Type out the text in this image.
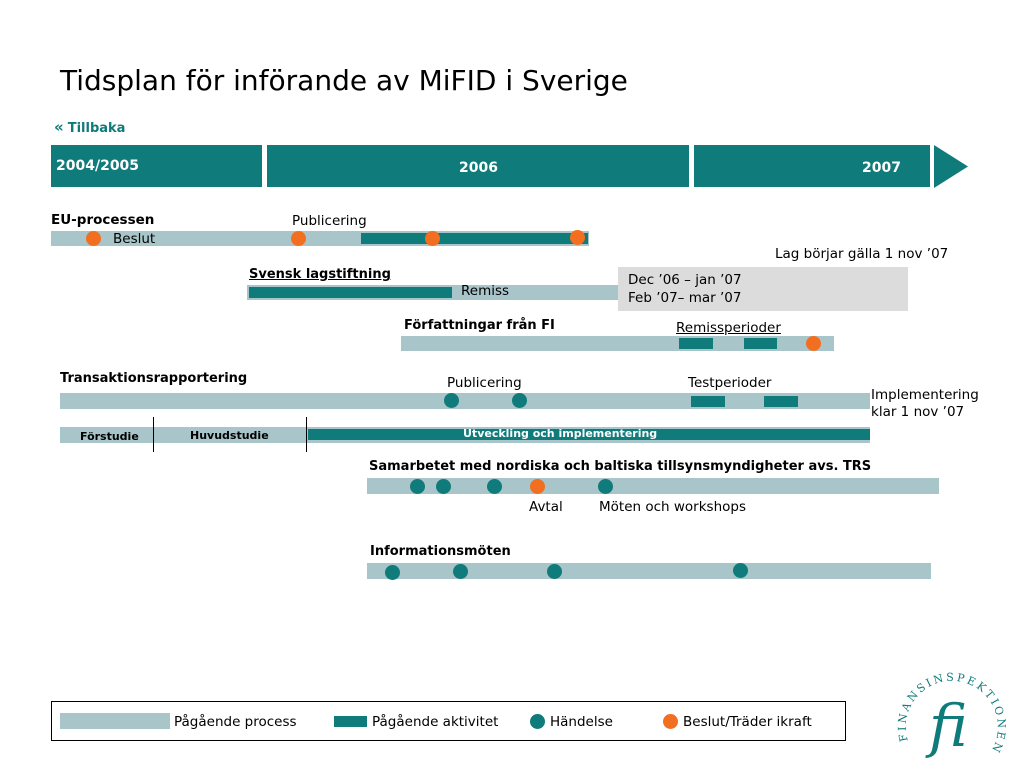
Tidsplan för införande av MiFID i Sverige
« Tillbaka
2004/2005	2006	2007
EU-processen	Publicering
Beslut
Lag börjar gälla 1 nov ’07
Svensk lagstiftning
Remiss
Dec ’06 – jan ’07
Feb ’07– mar ’07
Författningar från FI	Remissperioder
Transaktionsrapportering	Publicering	Testperioder
Implementering
klar 1 nov ’07
Förstudie	Huvudstudie	Utveckling och implementering
Samarbetet med nordiska och baltiska tillsynsmyndigheter avs. TRS
Avtal	Möten och workshops
Informationsmöten
Pågående process	Pågående aktivitet	Händelse	Beslut/Träder ikraft
FINANSINSPEKTIONEN
fi
